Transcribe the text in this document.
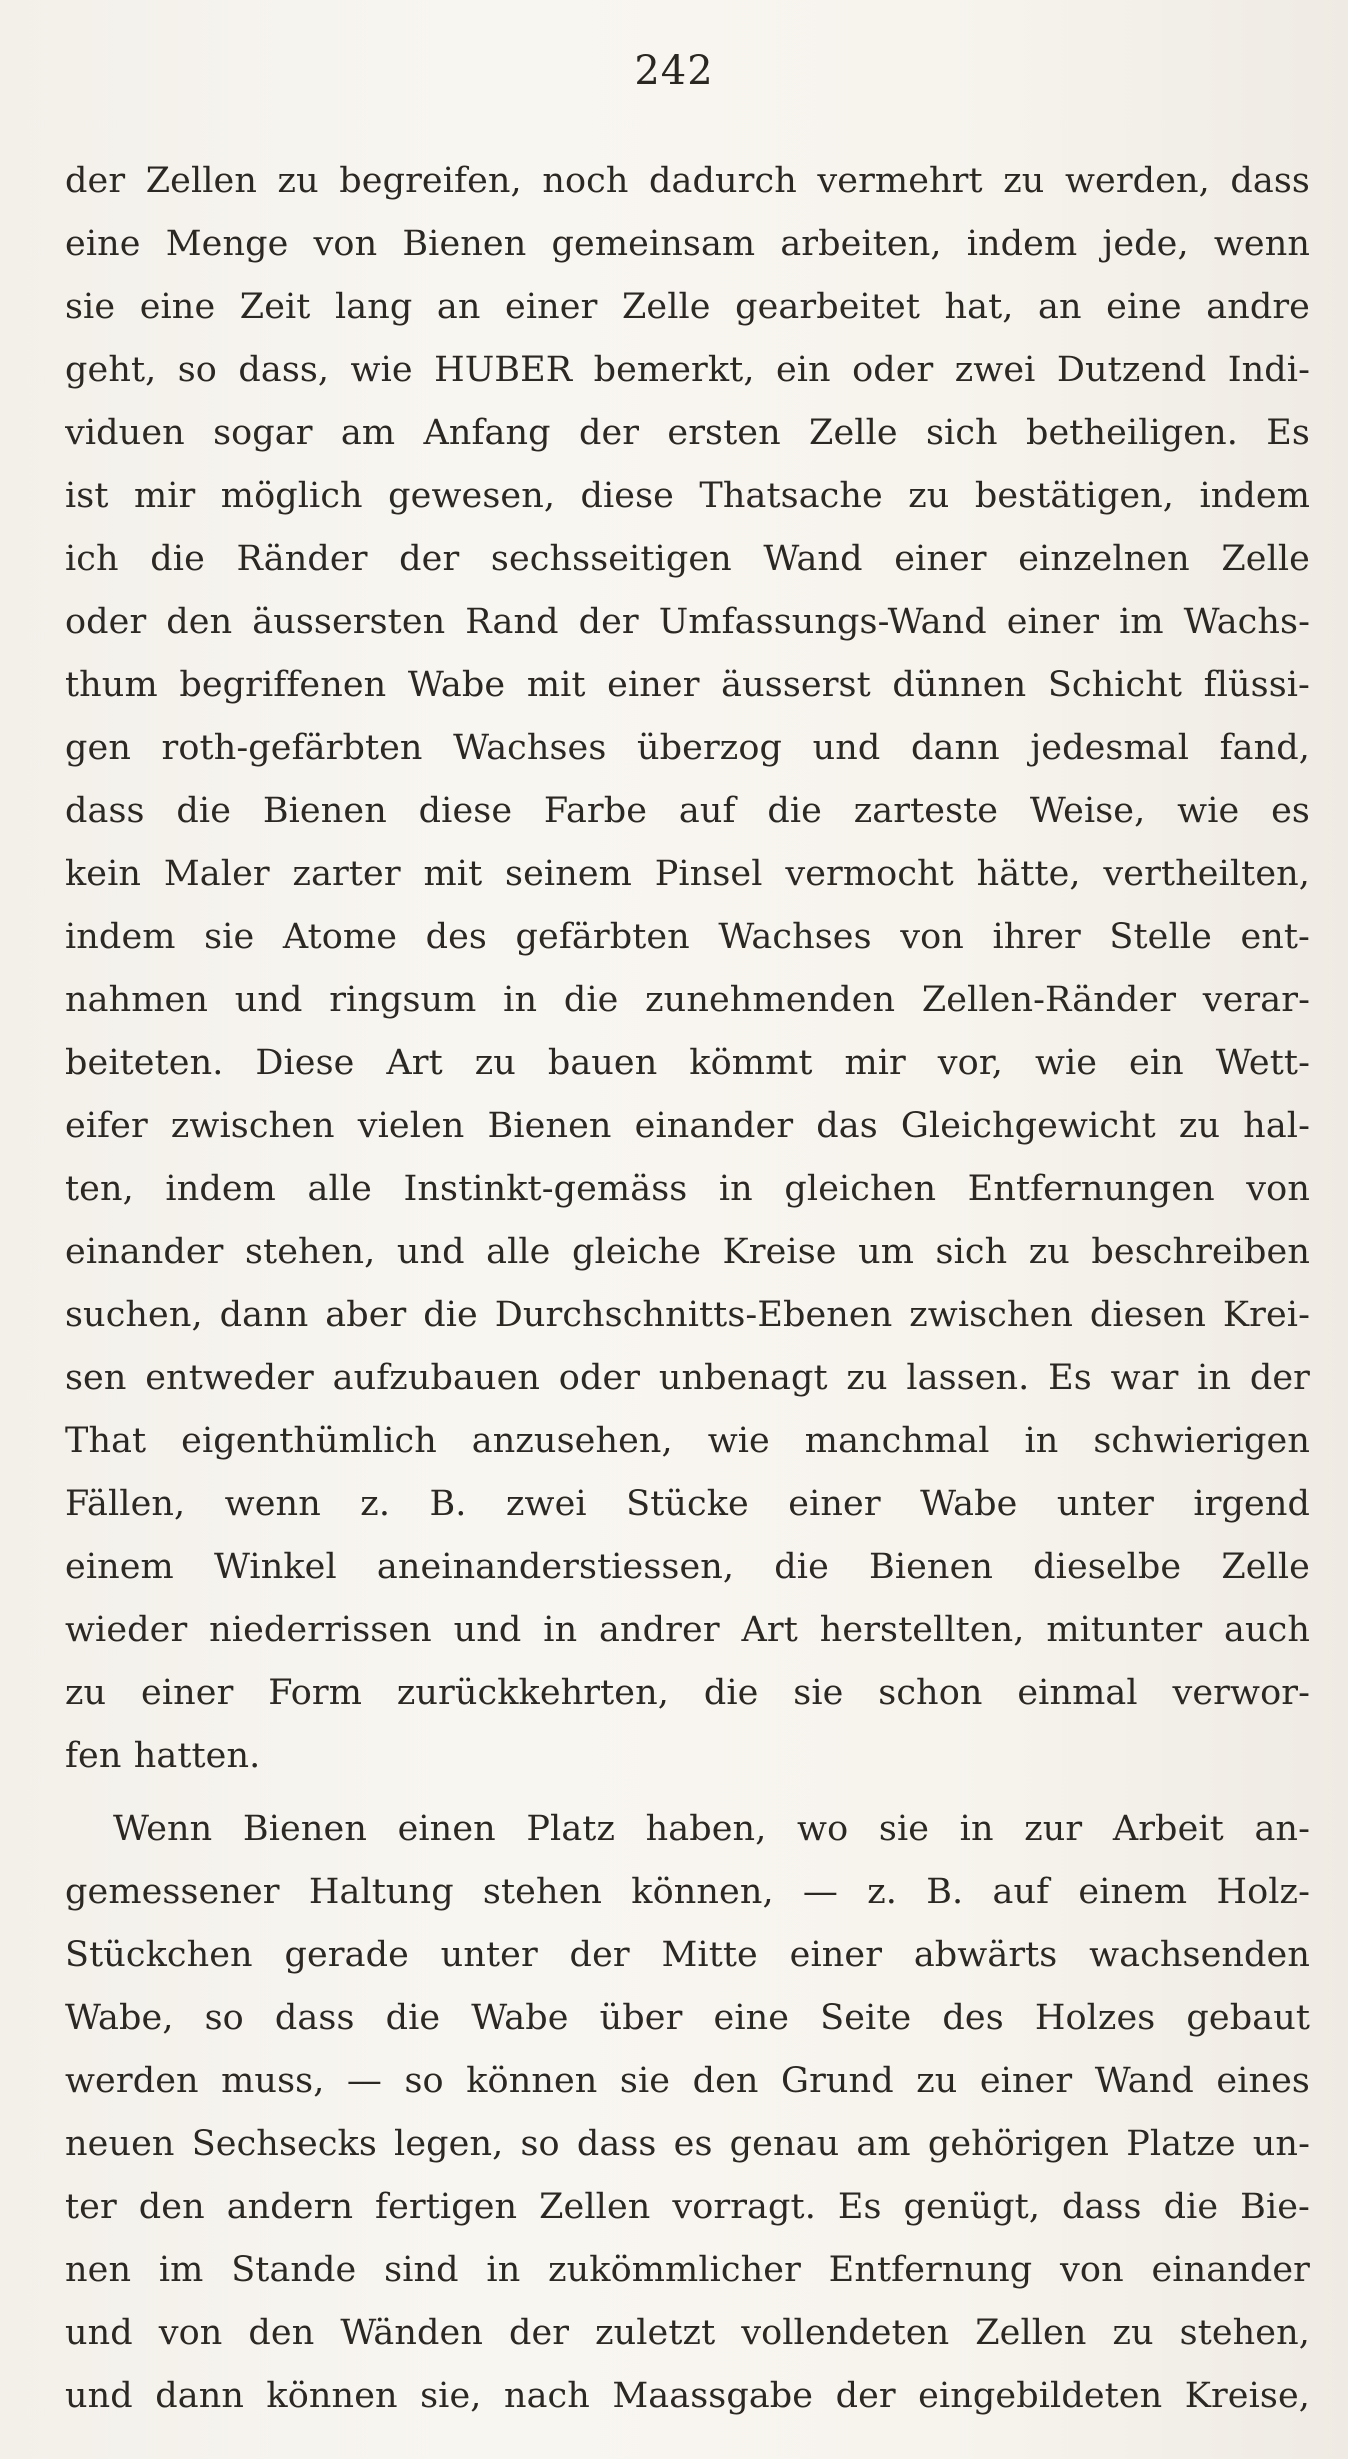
242
der Zellen zu begreifen, noch dadurch vermehrt zu werden, dass
eine Menge von Bienen gemeinsam arbeiten, indem jede, wenn
sie eine Zeit lang an einer Zelle gearbeitet hat, an eine andre
geht, so dass, wie HUBER bemerkt, ein oder zwei Dutzend Indi-
viduen sogar am Anfang der ersten Zelle sich betheiligen. Es
ist mir möglich gewesen, diese Thatsache zu bestätigen, indem
ich die Ränder der sechsseitigen Wand einer einzelnen Zelle
oder den äussersten Rand der Umfassungs-Wand einer im Wachs-
thum begriffenen Wabe mit einer äusserst dünnen Schicht flüssi-
gen roth-gefärbten Wachses überzog und dann jedesmal fand,
dass die Bienen diese Farbe auf die zarteste Weise, wie es
kein Maler zarter mit seinem Pinsel vermocht hätte, vertheilten,
indem sie Atome des gefärbten Wachses von ihrer Stelle ent-
nahmen und ringsum in die zunehmenden Zellen-Ränder verar-
beiteten. Diese Art zu bauen kömmt mir vor, wie ein Wett-
eifer zwischen vielen Bienen einander das Gleichgewicht zu hal-
ten, indem alle Instinkt-gemäss in gleichen Entfernungen von
einander stehen, und alle gleiche Kreise um sich zu beschreiben
suchen, dann aber die Durchschnitts-Ebenen zwischen diesen Krei-
sen entweder aufzubauen oder unbenagt zu lassen. Es war in der
That eigenthümlich anzusehen, wie manchmal in schwierigen
Fällen, wenn z. B. zwei Stücke einer Wabe unter irgend
einem Winkel aneinanderstiessen, die Bienen dieselbe Zelle
wieder niederrissen und in andrer Art herstellten, mitunter auch
zu einer Form zurückkehrten, die sie schon einmal verwor-
fen hatten.
Wenn Bienen einen Platz haben, wo sie in zur Arbeit an-
gemessener Haltung stehen können, — z. B. auf einem Holz-
Stückchen gerade unter der Mitte einer abwärts wachsenden
Wabe, so dass die Wabe über eine Seite des Holzes gebaut
werden muss, — so können sie den Grund zu einer Wand eines
neuen Sechsecks legen, so dass es genau am gehörigen Platze un-
ter den andern fertigen Zellen vorragt. Es genügt, dass die Bie-
nen im Stande sind in zukömmlicher Entfernung von einander
und von den Wänden der zuletzt vollendeten Zellen zu stehen,
und dann können sie, nach Maassgabe der eingebildeten Kreise,
